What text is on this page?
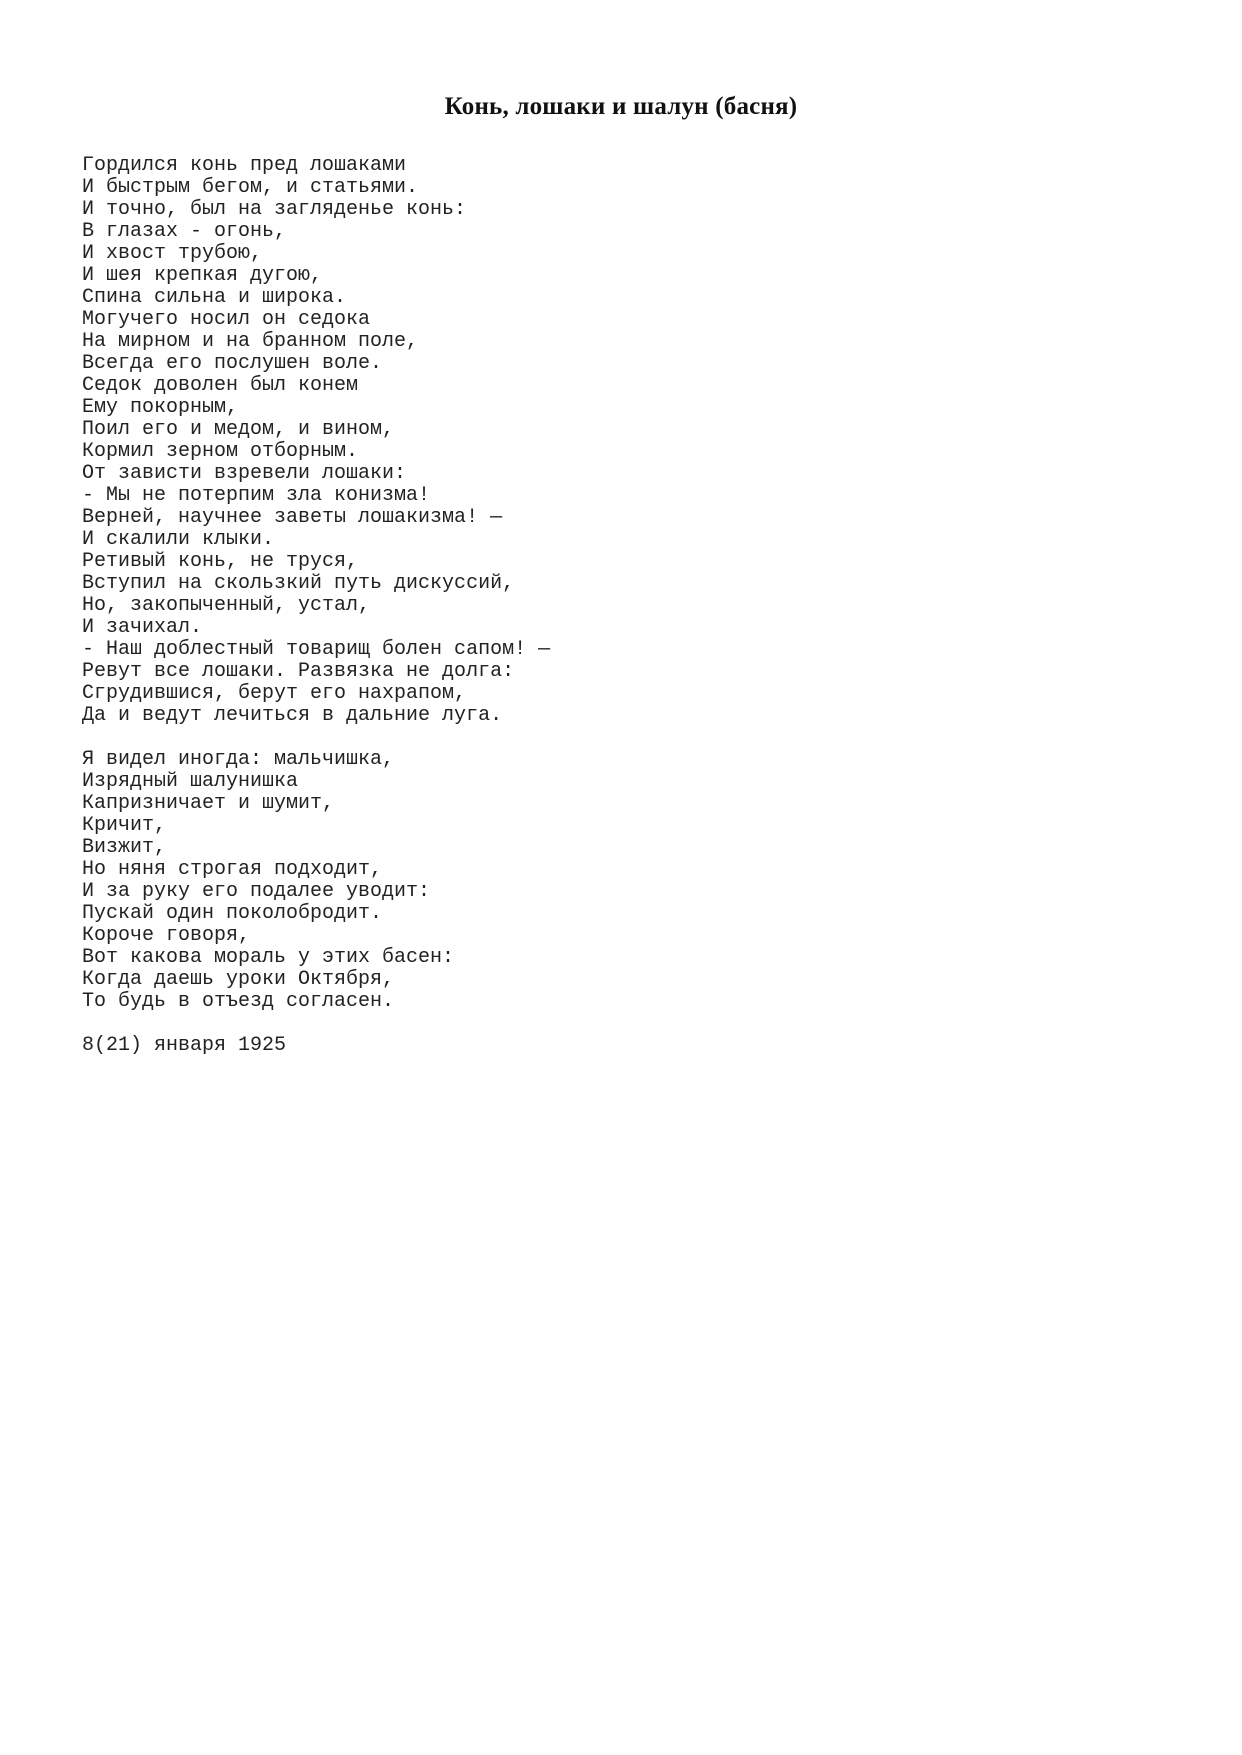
Конь, лошаки и шалун (басня)
Гордился конь пред лошаками
И быстрым бегом, и статьями.
И точно, был на загляденье конь:
В глазах - огонь,
И хвост трубою,
И шея крепкая дугою,
Спина сильна и широка.
Могучего носил он седока
На мирном и на бранном поле,
Всегда его послушен воле.
Седок доволен был конем
Ему покорным,
Поил его и медом, и вином,
Кормил зерном отборным.
От зависти взревели лошаки:
- Мы не потерпим зла конизма!
Верней, научнее заветы лошакизма! —
И скалили клыки.
Ретивый конь, не труся,
Вступил на скользкий путь дискуссий,
Но, закопыченный, устал,
И зачихал.
- Наш доблестный товарищ болен сапом! —
Ревут все лошаки. Развязка не долга:
Сгрудившися, берут его нахрапом,
Да и ведут лечиться в дальние луга.
Я видел иногда: мальчишка,
Изрядный шалунишка
Капризничает и шумит,
Кричит,
Визжит,
Но няня строгая подходит,
И за руку его подалее уводит:
Пускай один поколобродит.
Короче говоря,
Вот какова мораль у этих басен:
Когда даешь уроки Октября,
То будь в отъезд согласен.
8(21) января 1925
